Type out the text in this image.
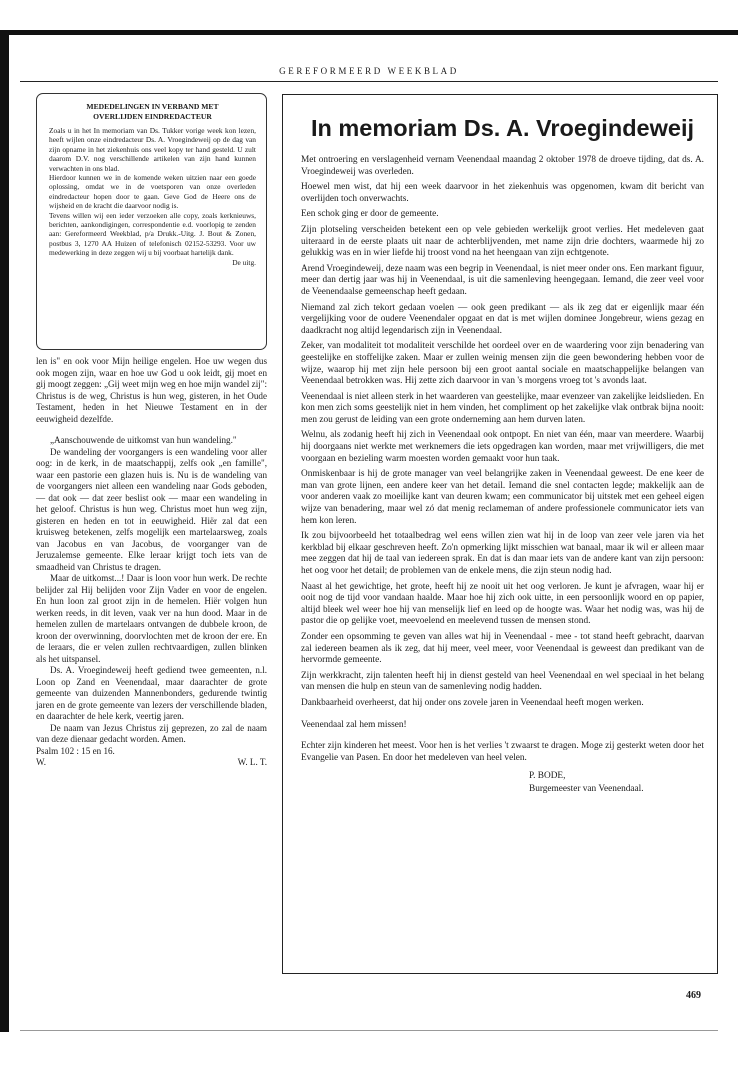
GEREFORMEERD WEEKBLAD
MEDEDELINGEN IN VERBAND MET
OVERLIJDEN EINDREDACTEUR

Zoals u in het In memoriam van Ds. Tukker vorige week kon lezen, heeft wijlen onze eindredacteur Ds. A. Vroegindeweij op de dag van zijn opname in het ziekenhuis ons veel kopy ter hand gesteld. U zult daarom D.V. nog verschillende artikelen van zijn hand kunnen verwachten in ons blad.

Hierdoor kunnen we in de komende weken uitzien naar een goede oplossing, omdat we in de voetsporen van onze overleden eindredacteur hopen door te gaan. Geve God de Heere ons de wijsheid en de kracht die daarvoor nodig is.

Tevens willen wij een ieder verzoeken alle copy, zoals kerknieuws, berichten, aankondigingen, correspondentie e.d. voorlopig te zenden aan: Gereformeerd Weekblad, p/a Drukk.-Uitg. J. Bout & Zonen, postbus 3, 1270 AA Huizen of telefonisch 02152-53293. Voor uw medewerking in deze zeggen wij u bij voorbaat hartelijk dank.

De uitg.

len is" en ook voor Mijn heilige engelen. Hoe uw wegen dus ook mogen zijn, waar en hoe uw God u ook leidt, gij moet en gij moogt zeggen: „Gij weet mijn weg en hoe mijn wandel zij": Christus is de weg, Christus is hun weg, gisteren, in het Oude Testament, heden in het Nieuwe Testament en in der eeuwigheid dezelfde.

„Aanschouwende de uitkomst van hun wandeling."

De wandeling der voorgangers is een wandeling voor aller oog: in de kerk, in de maatschappij, zelfs ook „en famille", waar een pastorie een glazen huis is. Nu is de wandeling van de voorgangers niet alleen een wandeling naar Gods geboden, — dat ook — dat zeer beslist ook — maar een wandeling in het geloof. Christus is hun weg. Christus moet hun weg zijn, gisteren en heden en tot in eeuwigheid. Hiër zal dat een kruisweg betekenen, zelfs mogelijk een martelaarsweg, zoals van Jacobus en van Jacobus, de voorganger van de Jeruzalemse gemeente. Elke leraar krijgt toch iets van de smaadheid van Christus te dragen.

Maar de uitkomst...! Daar is loon voor hun werk. De rechte belijder zal Hij belijden voor Zijn Vader en voor de engelen. En hun loon zal groot zijn in de hemelen. Hiër volgen hun werken reeds, in dit leven, vaak ver na hun dood. Maar in de hemelen zullen de martelaars ontvangen de dubbele kroon, de kroon der overwinning, doorvlochten met de kroon der ere. En de leraars, die er velen zullen rechtvaardigen, zullen blinken als het uitspansel.

Ds. A. Vroegindeweij heeft gediend twee gemeenten, n.l. Loon op Zand en Veenendaal, maar daarachter de grote gemeente van duizenden Mannenbonders, gedurende twintig jaren en de grote gemeente van lezers der verschillende bladen, en daarachter de hele kerk, veertig jaren.

De naam van Jezus Christus zij geprezen, zo zal de naam van deze dienaar gedacht worden. Amen.

Psalm 102 : 15 en 16.

W.	W. L. T.
In memoriam Ds. A. Vroegindeweij

Met ontroering en verslagenheid vernam Veenendaal maandag 2 oktober 1978 de droeve tijding, dat ds. A. Vroegindeweij was overleden.

Hoewel men wist, dat hij een week daarvoor in het ziekenhuis was opgenomen, kwam dit bericht van overlijden toch onverwachts.

Een schok ging er door de gemeente.

Zijn plotseling verscheiden betekent een op vele gebieden werkelijk groot verlies. Het medeleven gaat uiteraard in de eerste plaats uit naar de achterblijvenden, met name zijn drie dochters, waarmede hij zo gelukkig was en in wier liefde hij troost vond na het heengaan van zijn echtgenote.

Arend Vroegindeweij, deze naam was een begrip in Veenendaal, is niet meer onder ons. Een markant figuur, meer dan dertig jaar was hij in Veenendaal, is uit die samenleving heengegaan. Iemand, die zeer veel voor de Veenendaalse gemeenschap heeft gedaan.

Niemand zal zich tekort gedaan voelen — ook geen predikant — als ik zeg dat er eigenlijk maar één vergelijking voor de oudere Veenendaler opgaat en dat is met wijlen dominee Jongebreur, wiens gezag en daadkracht nog altijd legendarisch zijn in Veenendaal.

Zeker, van modaliteit tot modaliteit verschilde het oordeel over en de waardering voor zijn benadering van geestelijke en stoffelijke zaken. Maar er zullen weinig mensen zijn die geen bewondering hebben voor de wijze, waarop hij met zijn hele persoon bij een groot aantal sociale en maatschappelijke belangen van Veenendaal betrokken was. Hij zette zich daarvoor in van 's morgens vroeg tot 's avonds laat.

Veenendaal is niet alleen sterk in het waarderen van geestelijke, maar evenzeer van zakelijke leidslieden. En kon men zich soms geestelijk niet in hem vinden, het compliment op het zakelijke vlak ontbrak bijna nooit: men zou gerust de leiding van een grote onderneming aan hem durven laten.

Welnu, als zodanig heeft hij zich in Veenendaal ook ontpopt. En niet van één, maar van meerdere. Waarbij hij doorgaans niet werkte met werknemers die iets opgedragen kan worden, maar met vrijwilligers, die met voorgaan en bezieling warm moesten worden gemaakt voor hun taak.

Onmiskenbaar is hij de grote manager van veel belangrijke zaken in Veenendaal geweest. De ene keer de man van grote lijnen, een andere keer van het detail. Iemand die snel contacten legde; makkelijk aan de voor anderen vaak zo moeilijke kant van deuren kwam; een communicator bij uitstek met een geheel eigen wijze van benadering, maar wel zó dat menig reclameman of andere professionele communicator iets van hem kon leren.

Ik zou bijvoorbeeld het totaalbedrag wel eens willen zien wat hij in de loop van zeer vele jaren via het kerkblad bij elkaar geschreven heeft. Zo'n opmerking lijkt misschien wat banaal, maar ik wil er alleen maar mee zeggen dat hij de taal van iedereen sprak. En dat is dan maar iets van de andere kant van zijn persoon: het oog voor het detail; de problemen van de enkele mens, die zijn steun nodig had.

Naast al het gewichtige, het grote, heeft hij ze nooit uit het oog verloren. Je kunt je afvragen, waar hij er ooit nog de tijd voor vandaan haalde. Maar hoe hij zich ook uitte, in een persoonlijk woord en op papier, altijd bleek wel weer hoe hij van menselijk lief en leed op de hoogte was. Waar het nodig was, was hij de pastor die op gelijke voet, meevoelend en meelevend tussen de mensen stond.

Zonder een opsomming te geven van alles wat hij in Veenendaal - mee - tot stand heeft gebracht, daarvan zal iedereen beamen als ik zeg, dat hij meer, veel meer, voor Veenendaal is geweest dan predikant van de hervormde gemeente.

Zijn werkkracht, zijn talenten heeft hij in dienst gesteld van heel Veenendaal en wel speciaal in het belang van mensen die hulp en steun van de samenleving nodig hadden.

Dankbaarheid overheerst, dat hij onder ons zovele jaren in Veenendaal heeft mogen werken.

Veenendaal zal hem missen!

Echter zijn kinderen het meest. Voor hen is het verlies 't zwaarst te dragen. Moge zij gesterkt weten door het Evangelie van Pasen. En door het medeleven van heel velen.

P. BODE,
Burgemeester van Veenendaal.
469
